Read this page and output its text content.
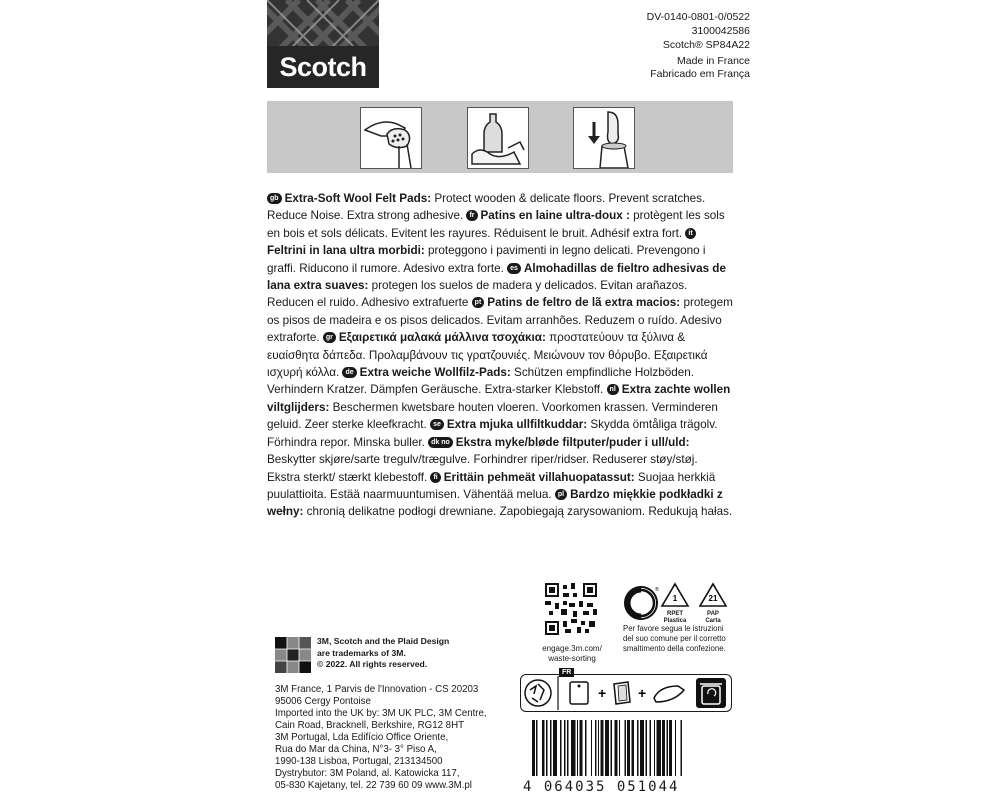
Scotch
DV-0140-0801-0/0522
3100042586
Scotch® SP84A22
Made in France
Fabricado em França
gb Extra-Soft Wool Felt Pads: Protect wooden & delicate floors. Prevent scratches. Reduce Noise. Extra strong adhesive. fr Patins en laine ultra-doux : protègent les sols en bois et sols délicats. Evitent les rayures. Réduisent le bruit. Adhésif extra fort. itFeltrini in lana ultra morbidi: proteggono i pavimenti in legno delicati. Prevengono i graffi. Riducono il rumore. Adesivo extra forte. es Almohadillas de fieltro adhesivas de lana extra suaves: protegen los suelos de madera y delicados. Evitan arañazos. Reducen el ruido. Adhesivo extrafuerte pt Patins de feltro de lã extra macios: protegem os pisos de madeira e os pisos delicados. Evitam arranhões. Reduzem o ruído. Adesivo extraforte. gr Εξαιρετικά μαλακά μάλλινα τσοχάκια: προστατεύουν τα ξύλινα & ευαίσθητα δάπεδα. Προλαμβάνουν τις γρατζουνιές. Μειώνουν τον θόρυβο. Εξαιρετικά ισχυρή κόλλα. de Extra weiche Wollfilz-Pads: Schützen empfindliche Holzböden. Verhindern Kratzer. Dämpfen Geräusche. Extra-starker Klebstoff. nl Extra zachte wollen viltglijders: Beschermen kwetsbare houten vloeren. Voorkomen krassen. Verminderen geluid. Zeer sterke kleefkracht. se Extra mjuka ullfiltkuddar: Skydda ömtåliga trägolv. Förhindra repor. Minska buller. dk no Ekstra myke/bløde filtputer/puder i ull/uld: Beskytter skjøre/sarte tregulv/trægulve. Forhindrer riper/ridser. Reduserer støy/støj. Ekstra sterkt/ stærkt klebestoff. fi Erittäin pehmeät villahuopatassut: Suojaa herkkiä puulattioita. Estää naarmuuntumisen. Vähentää melua. pl Bardzo miękkie podkładki z wełny: chronią delikatne podłogi drewniane. Zapobiegają zarysowaniom. Redukują hałas.
3M, Scotch and the Plaid Design
are trademarks of 3M.
© 2022. All rights reserved.
3M France, 1 Parvis de l'Innovation - CS 20203
95006 Cergy Pontoise
Imported into the UK by: 3M UK PLC, 3M Centre,
Cain Road, Bracknell, Berkshire, RG12 8HT
3M Portugal, Lda Edifício Office Oriente,
Rua do Mar da China, N°3- 3° Piso A,
1990-138 Lisboa, Portugal, 213134500
Dystrybutor: 3M Poland, al. Katowicka 117,
05-830 Kajetany, tel. 22 739 60 09 www.3M.pl
engage.3m.com/
waste-sorting
®
1
RPET
Plastica
21
PAP
Carta
Per favore segua le istruzioni del suo comune per il corretto smaltimento della confezione.
FR
+ +
4 064035 051044
